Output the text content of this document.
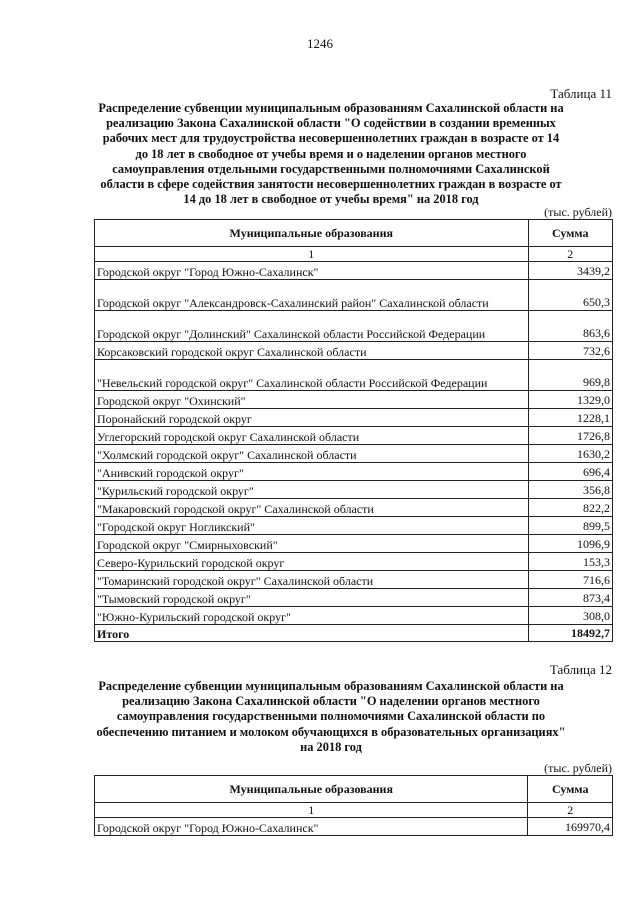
1246
Таблица 11
Распределение субвенции муниципальным образованиям Сахалинской области на реализацию Закона Сахалинской области "О содействии в создании временных рабочих мест для трудоустройства несовершеннолетних граждан в возрасте от 14 до 18 лет в свободное от учебы время и о наделении органов местного самоуправления отдельными государственными полномочиями Сахалинской области в сфере содействия занятости несовершеннолетних граждан в возрасте от 14 до 18 лет в свободное от учебы время" на 2018 год
(тыс. рублей)
Муниципальные образования	Сумма
1	2
Городской округ "Город Южно-Сахалинск"	3439,2
Городской округ "Александровск-Сахалинский район" Сахалинской области	650,3
Городской округ "Долинский" Сахалинской области Российской Федерации	863,6
Корсаковский городской округ Сахалинской области	732,6
"Невельский городской округ" Сахалинской области Российской Федерации	969,8
Городской округ "Охинский"	1329,0
Поронайский городской округ	1228,1
Углегорский городской округ Сахалинской области	1726,8
"Холмский городской округ" Сахалинской области	1630,2
"Анивский городской округ"	696,4
"Курильский городской округ"	356,8
"Макаровский городской округ" Сахалинской области	822,2
"Городской округ Ногликский"	899,5
Городской округ "Смирныховский"	1096,9
Северо-Курильский городской округ	153,3
"Томаринский городской округ" Сахалинской области	716,6
"Тымовский городской округ"	873,4
"Южно-Курильский городской округ"	308,0
Итого	18492,7
Таблица 12
Распределение субвенции муниципальным образованиям Сахалинской области на реализацию Закона Сахалинской области "О наделении органов местного самоуправления государственными полномочиями Сахалинской области по обеспечению питанием и молоком обучающихся в образовательных организациях" на 2018 год
(тыс. рублей)
Муниципальные образования	Сумма
1	2
Городской округ "Город Южно-Сахалинск"	169970,4
